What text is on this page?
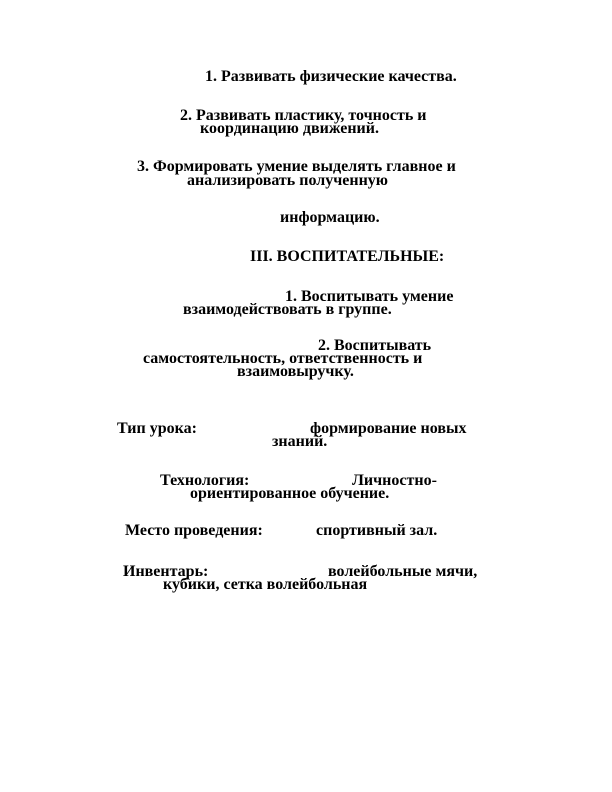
1. Развивать физические качества.
2. Развивать пластику, точность и
координацию движений.
3. Формировать умение выделять главное и
анализировать полученную
информацию.
III. ВОСПИТАТЕЛЬНЫЕ:
1. Воспитывать умение
взаимодействовать в группе.
2. Воспитывать
самостоятельность, ответственность и
взаимовыручку.
Тип урока:	формирование новых
знаний.
Технология:	Личностно-
ориентированное обучение.
Место проведения:	спортивный зал.
Инвентарь:	волейбольные мячи,
кубики, сетка волейбольная
